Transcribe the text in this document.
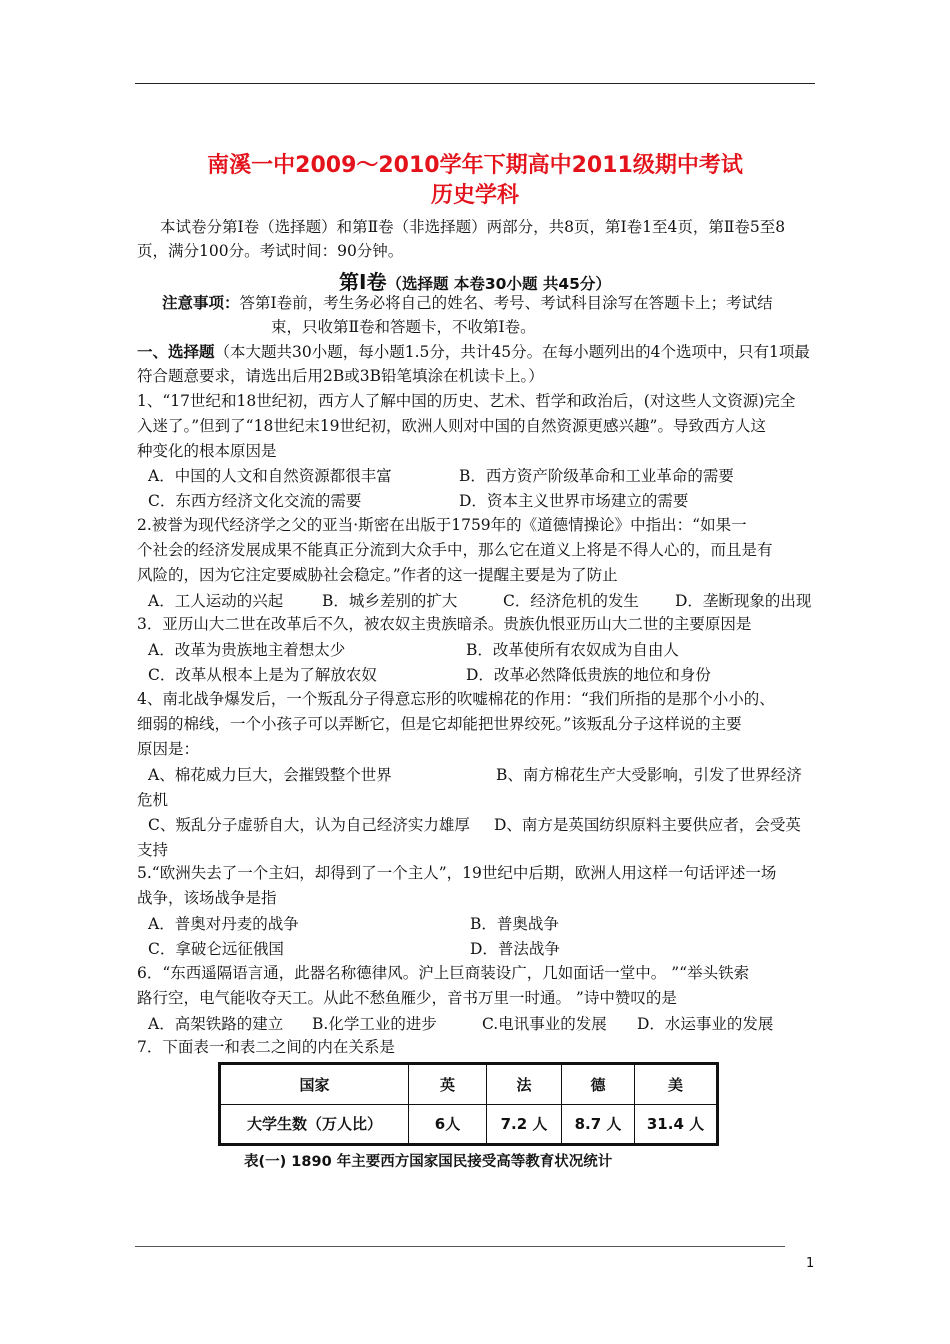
南溪一中2009～2010学年下期高中2011级期中考试
历史学科
本试卷分第Ⅰ卷（选择题）和第Ⅱ卷（非选择题）两部分，共8页，第Ⅰ卷1至4页，第Ⅱ卷5至8
页，满分100分。考试时间：90分钟。
第Ⅰ卷（选择题 本卷30小题 共45分）
注意事项：答第Ⅰ卷前，考生务必将自己的姓名、考号、考试科目涂写在答题卡上；考试结
束，只收第Ⅱ卷和答题卡，不收第Ⅰ卷。
一、选择题（本大题共30小题，每小题1.5分，共计45分。在每小题列出的4个选项中，只有1项最
符合题意要求，请选出后用2B或3B铅笔填涂在机读卡上。）
1、“17世纪和18世纪初，西方人了解中国的历史、艺术、哲学和政治后，(对这些人文资源)完全
入迷了。”但到了“18世纪末19世纪初，欧洲人则对中国的自然资源更感兴趣”。导致西方人这
种变化的根本原因是
A．中国的人文和自然资源都很丰富	B．西方资产阶级革命和工业革命的需要
C．东西方经济文化交流的需要	D．资本主义世界市场建立的需要
2.被誉为现代经济学之父的亚当·斯密在出版于1759年的《道德情操论》中指出：“如果一
个社会的经济发展成果不能真正分流到大众手中，那么它在道义上将是不得人心的，而且是有
风险的，因为它注定要威胁社会稳定。”作者的这一提醒主要是为了防止
A．工人运动的兴起	B．城乡差别的扩大	C．经济危机的发生 D．垄断现象的出现
3．亚历山大二世在改革后不久，被农奴主贵族暗杀。贵族仇恨亚历山大二世的主要原因是
A．改革为贵族地主着想太少	B．改革使所有农奴成为自由人
C．改革从根本上是为了解放农奴	D．改革必然降低贵族的地位和身份
4、南北战争爆发后，一个叛乱分子得意忘形的吹嘘棉花的作用：“我们所指的是那个小小的、
细弱的棉线，一个小孩子可以弄断它，但是它却能把世界绞死。”该叛乱分子这样说的主要
原因是：
A、棉花威力巨大，会摧毁整个世界	B、南方棉花生产大受影响，引发了世界经济
危机
C、叛乱分子虚骄自大，认为自己经济实力雄厚 D、南方是英国纺织原料主要供应者，会受英
支持
5.“欧洲失去了一个主妇，却得到了一个主人”，19世纪中后期，欧洲人用这样一句话评述一场
战争，该场战争是指
A．普奥对丹麦的战争	B．普奥战争
C．拿破仑远征俄国	D．普法战争
6．“东西遥隔语言通，此器名称德律风。沪上巨商装设广，几如面话一堂中。 ”“举头铁索
路行空，电气能收夺天工。从此不愁鱼雁少，音书万里一时通。 ”诗中赞叹的是
A．高架铁路的建立 B.化学工业的进步	C.电讯事业的发展 D．水运事业的发展
7．下面表一和表二之间的内在关系是
国家	英	法	德	美
大学生数（万人比）	6人	7.2 人	8.7 人	31.4 人
表(一) 1890 年主要西方国家国民接受高等教育状况统计
1
